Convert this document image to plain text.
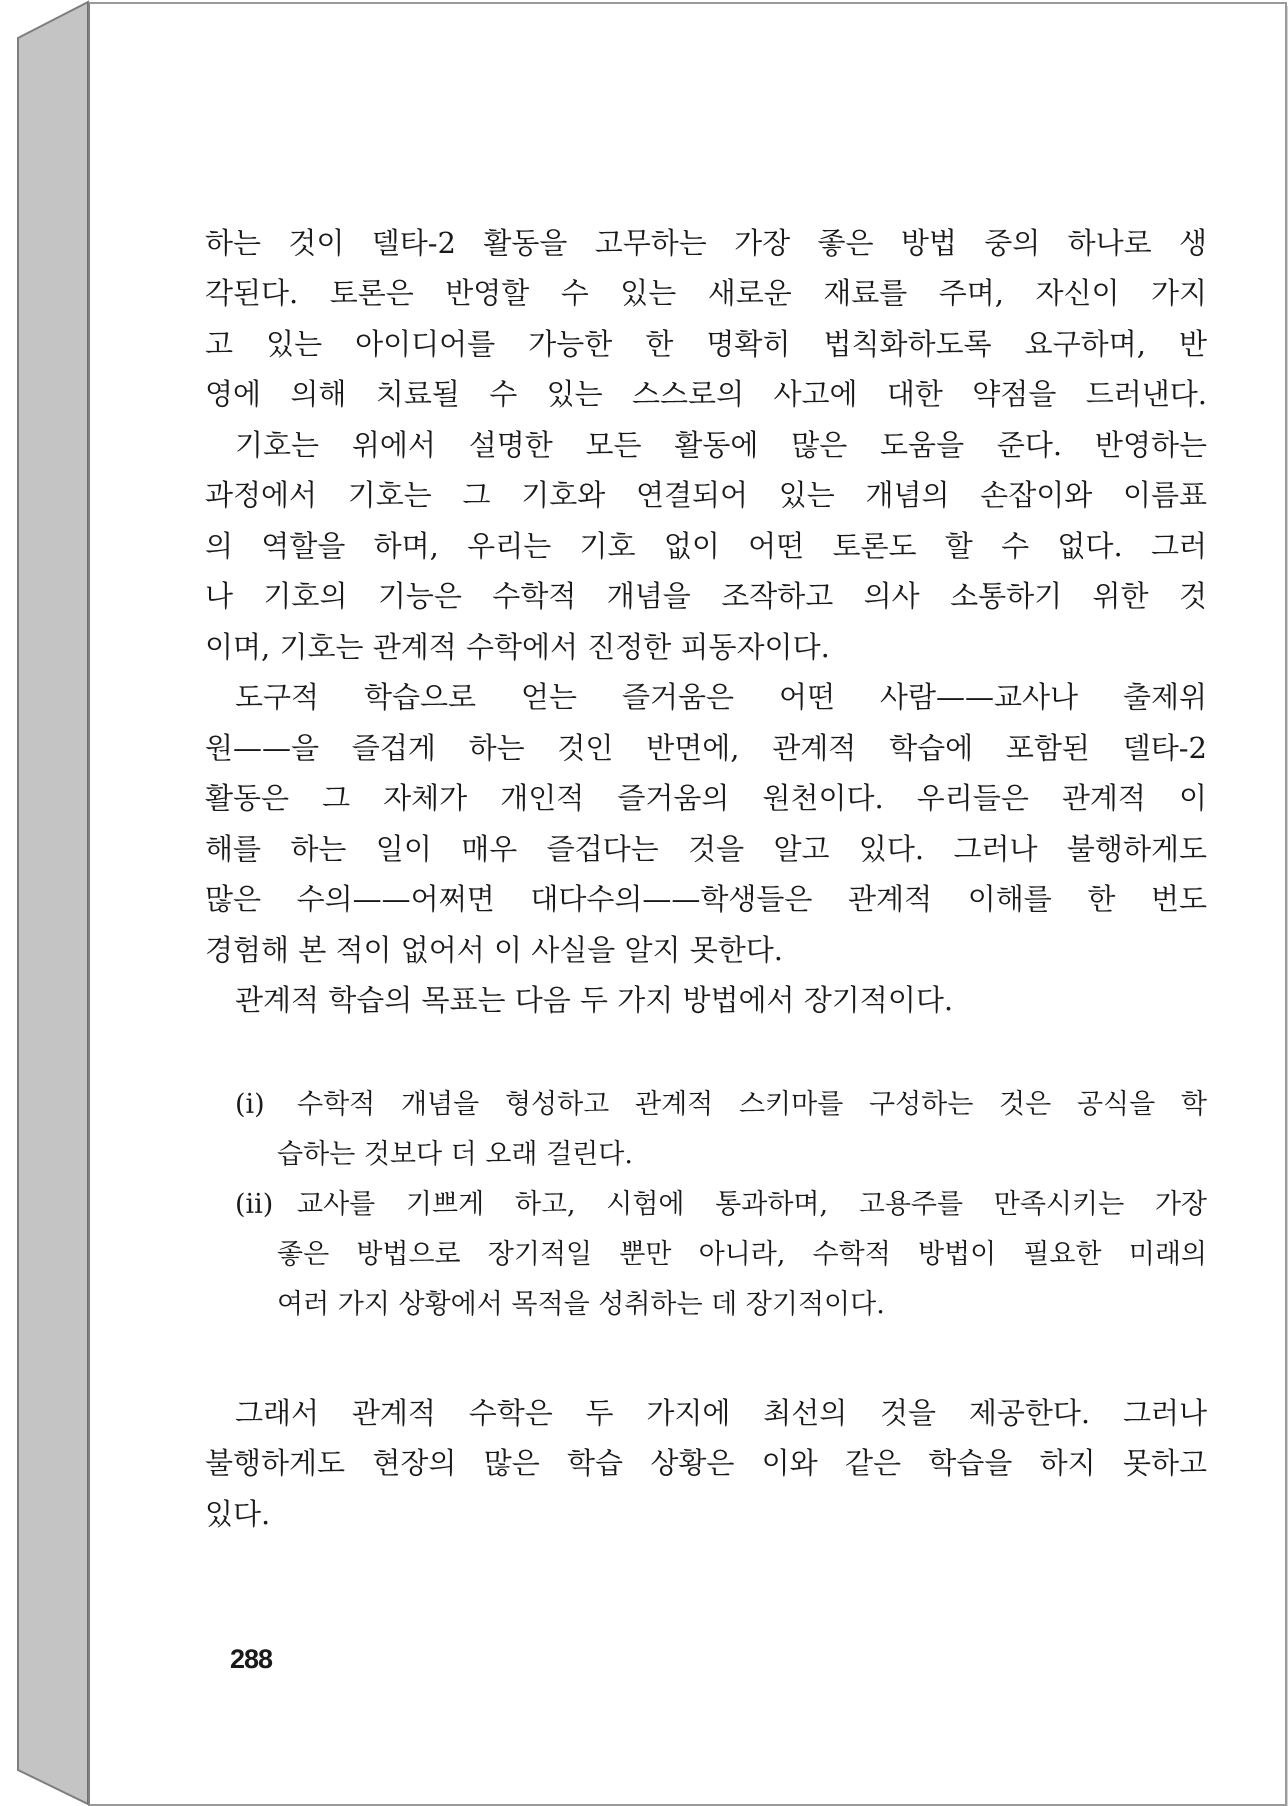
하는 것이 델타-2 활동을 고무하는 가장 좋은 방법 중의 하나로 생
각된다. 토론은 반영할 수 있는 새로운 재료를 주며, 자신이 가지
고 있는 아이디어를 가능한 한 명확히 법칙화하도록 요구하며, 반
영에 의해 치료될 수 있는 스스로의 사고에 대한 약점을 드러낸다.
기호는 위에서 설명한 모든 활동에 많은 도움을 준다. 반영하는
과정에서 기호는 그 기호와 연결되어 있는 개념의 손잡이와 이름표
의 역할을 하며, 우리는 기호 없이 어떤 토론도 할 수 없다. 그러
나 기호의 기능은 수학적 개념을 조작하고 의사 소통하기 위한 것
이며, 기호는 관계적 수학에서 진정한 피동자이다.
도구적 학습으로 얻는 즐거움은 어떤 사람——교사나 출제위
원——을 즐겁게 하는 것인 반면에, 관계적 학습에 포함된 델타-2
활동은 그 자체가 개인적 즐거움의 원천이다. 우리들은 관계적 이
해를 하는 일이 매우 즐겁다는 것을 알고 있다. 그러나 불행하게도
많은 수의——어쩌면 대다수의——학생들은 관계적 이해를 한 번도
경험해 본 적이 없어서 이 사실을 알지 못한다.
관계적 학습의 목표는 다음 두 가지 방법에서 장기적이다.
(ⅰ) 수학적 개념을 형성하고 관계적 스키마를 구성하는 것은 공식을 학
습하는 것보다 더 오래 걸린다.
(ⅱ) 교사를 기쁘게 하고, 시험에 통과하며, 고용주를 만족시키는 가장
좋은 방법으로 장기적일 뿐만 아니라, 수학적 방법이 필요한 미래의
여러 가지 상황에서 목적을 성취하는 데 장기적이다.
그래서 관계적 수학은 두 가지에 최선의 것을 제공한다. 그러나
불행하게도 현장의 많은 학습 상황은 이와 같은 학습을 하지 못하고
있다.
288
